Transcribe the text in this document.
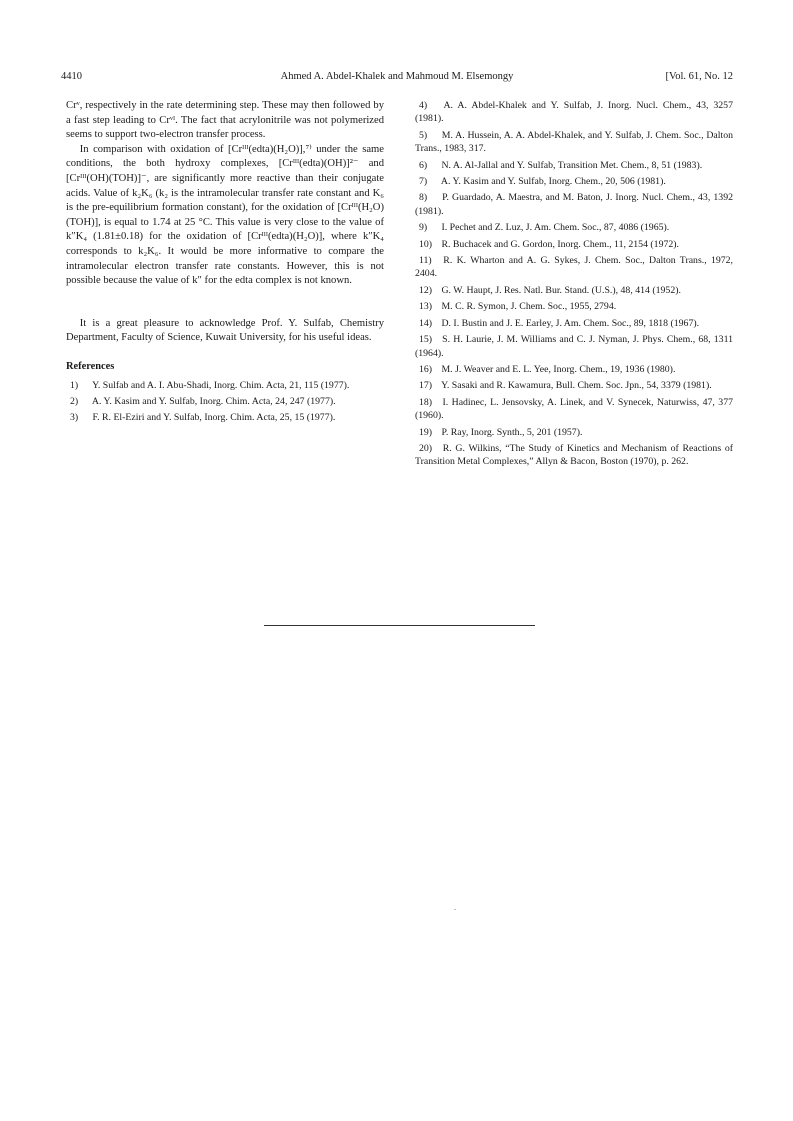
4410	Ahmed A. Abdel-Khalek and Mahmoud M. Elsemongy	[Vol. 61, No. 12

Crᵛ, respectively in the rate determining step. These may then followed by a fast step leading to Crᵛᴵ. The fact that acrylonitrile was not polymerized seems to support two-electron transfer process.

In comparison with oxidation of [Crᴵᴵᴵ(edta)(H₂O)],⁷⁾ under the same conditions, the both hydroxy complexes, [Crᴵᴵᴵ(edta)(OH)]²⁻ and [Crᴵᴵᴵ(OH)(TOH)]⁻, are significantly more reactive than their conjugate acids. Value of k₂K₆ (k₂ is the intramolecular transfer rate constant and K₆ is the pre-equilibrium formation constant), for the oxidation of [Crᴵᴵᴵ(H₂O)(TOH)], is equal to 1.74 at 25 °C. This value is very close to the value of k″K₄ (1.81±0.18) for the oxidation of [Crᴵᴵᴵ(edta)(H₂O)], where k″K₄ corresponds to k₂K₆. It would be more informative to compare the intramolecular electron transfer rate constants. However, this is not possible because the value of k″ for the edta complex is not known.

It is a great pleasure to acknowledge Prof. Y. Sulfab, Chemistry Department, Faculty of Science, Kuwait University, for his useful ideas.

References

1) Y. Sulfab and A. I. Abu-Shadi, Inorg. Chim. Acta, 21, 115 (1977).

2) A. Y. Kasim and Y. Sulfab, Inorg. Chim. Acta, 24, 247 (1977).

3) F. R. El-Eziri and Y. Sulfab, Inorg. Chim. Acta, 25, 15 (1977).

4) A. A. Abdel-Khalek and Y. Sulfab, J. Inorg. Nucl. Chem., 43, 3257 (1981).

5) M. A. Hussein, A. A. Abdel-Khalek, and Y. Sulfab, J. Chem. Soc., Dalton Trans., 1983, 317.

6) N. A. Al-Jallal and Y. Sulfab, Transition Met. Chem., 8, 51 (1983).

7) A. Y. Kasim and Y. Sulfab, Inorg. Chem., 20, 506 (1981).

8) P. Guardado, A. Maestra, and M. Baton, J. Inorg. Nucl. Chem., 43, 1392 (1981).

9) I. Pechet and Z. Luz, J. Am. Chem. Soc., 87, 4086 (1965).

10) R. Buchacek and G. Gordon, Inorg. Chem., 11, 2154 (1972).

11) R. K. Wharton and A. G. Sykes, J. Chem. Soc., Dalton Trans., 1972, 2404.

12) G. W. Haupt, J. Res. Natl. Bur. Stand. (U.S.), 48, 414 (1952).

13) M. C. R. Symon, J. Chem. Soc., 1955, 2794.

14) D. I. Bustin and J. E. Earley, J. Am. Chem. Soc., 89, 1818 (1967).

15) S. H. Laurie, J. M. Williams and C. J. Nyman, J. Phys. Chem., 68, 1311 (1964).

16) M. J. Weaver and E. L. Yee, Inorg. Chem., 19, 1936 (1980).

17) Y. Sasaki and R. Kawamura, Bull. Chem. Soc. Jpn., 54, 3379 (1981).

18) I. Hadinec, L. Jensovsky, A. Linek, and V. Synecek, Naturwiss, 47, 377 (1960).

19) P. Ray, Inorg. Synth., 5, 201 (1957).

20) R. G. Wilkins, “The Study of Kinetics and Mechanism of Reactions of Transition Metal Complexes,” Allyn & Bacon, Boston (1970), p. 262.
